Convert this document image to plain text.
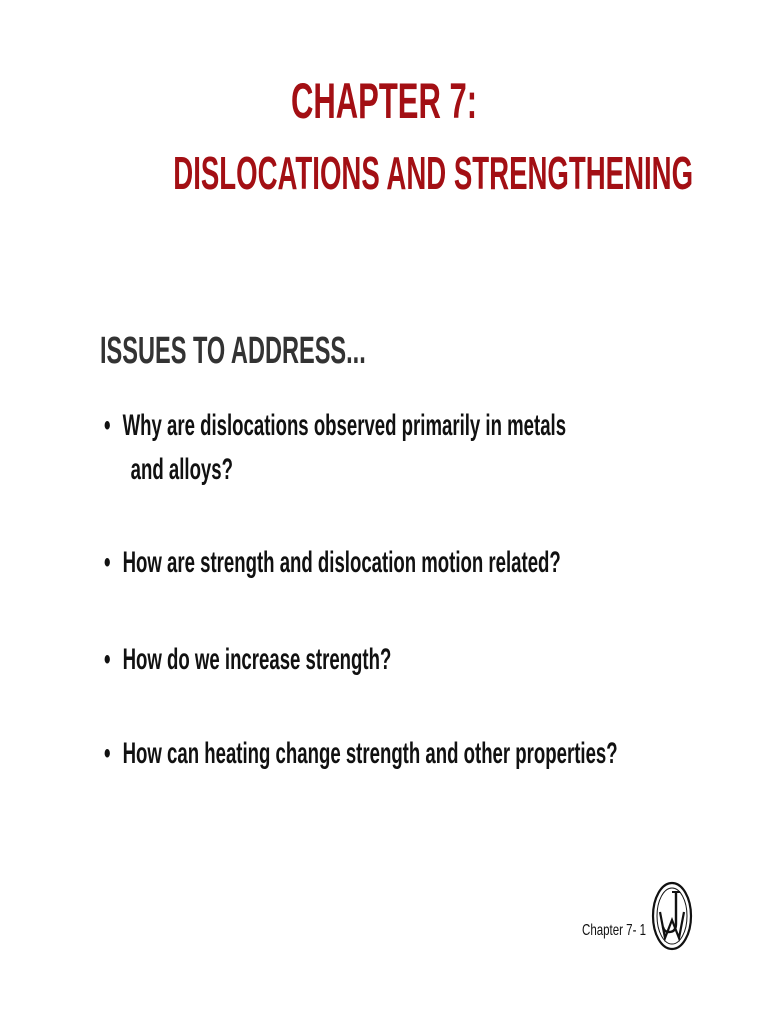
CHAPTER 7:
DISLOCATIONS AND STRENGTHENING
ISSUES TO ADDRESS...
• Why are dislocations observed primarily in metals
and alloys?
• How are strength and dislocation motion related?
• How do we increase strength?
• How can heating change strength and other properties?
Chapter 7- 1
